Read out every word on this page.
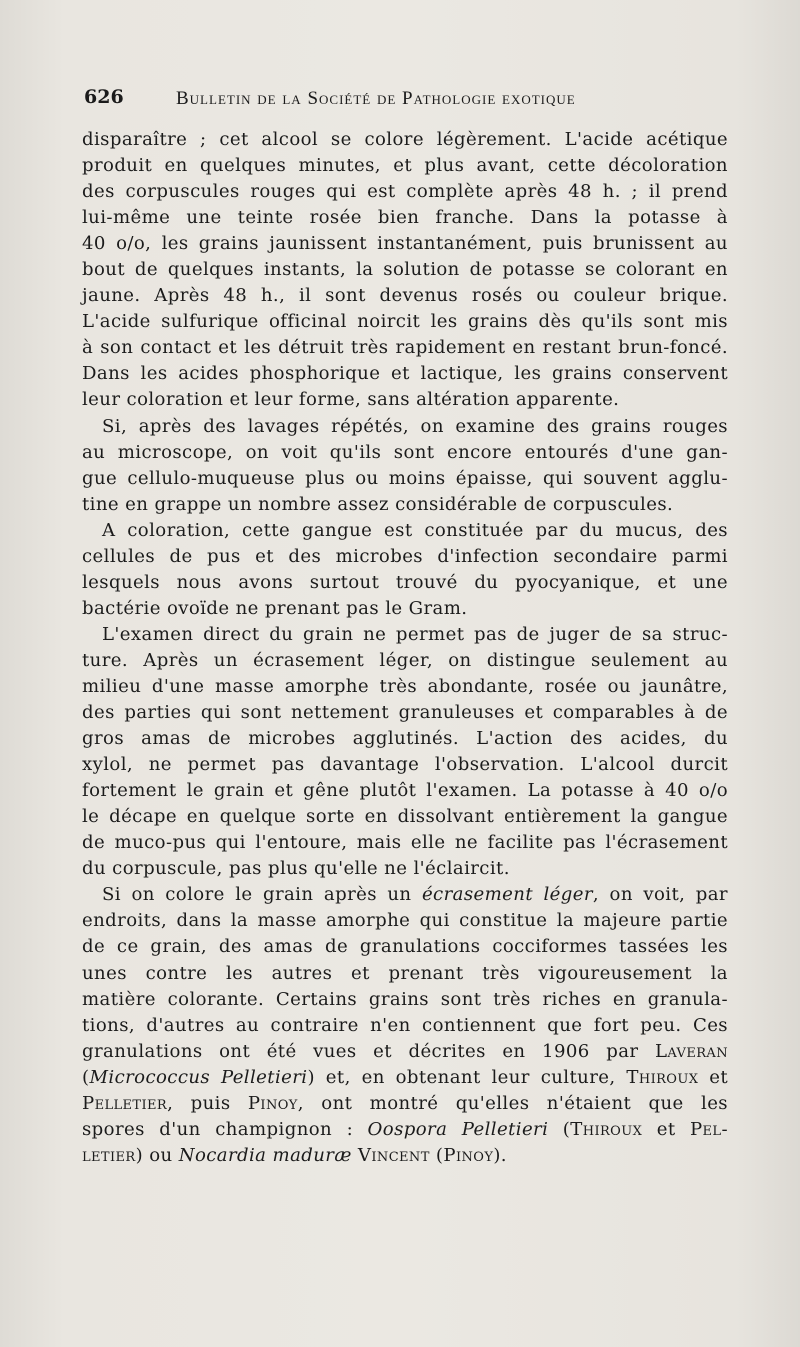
626	Bulletin de la Société de Pathologie exotique
disparaître ; cet alcool se colore légèrement. L'acide acétique
produit en quelques minutes, et plus avant, cette décoloration
des corpuscules rouges qui est complète après 48 h. ; il prend
lui-même une teinte rosée bien franche. Dans la potasse à
40 o/o, les grains jaunissent instantanément, puis brunissent au
bout de quelques instants, la solution de potasse se colorant en
jaune. Après 48 h., il sont devenus rosés ou couleur brique.
L'acide sulfurique officinal noircit les grains dès qu'ils sont mis
à son contact et les détruit très rapidement en restant brun-foncé.
Dans les acides phosphorique et lactique, les grains conservent
leur coloration et leur forme, sans altération apparente.
Si, après des lavages répétés, on examine des grains rouges
au microscope, on voit qu'ils sont encore entourés d'une gan-
gue cellulo-muqueuse plus ou moins épaisse, qui souvent agglu-
tine en grappe un nombre assez considérable de corpuscules.
A coloration, cette gangue est constituée par du mucus, des
cellules de pus et des microbes d'infection secondaire parmi
lesquels nous avons surtout trouvé du pyocyanique, et une
bactérie ovoïde ne prenant pas le Gram.
L'examen direct du grain ne permet pas de juger de sa struc-
ture. Après un écrasement léger, on distingue seulement au
milieu d'une masse amorphe très abondante, rosée ou jaunâtre,
des parties qui sont nettement granuleuses et comparables à de
gros amas de microbes agglutinés. L'action des acides, du
xylol, ne permet pas davantage l'observation. L'alcool durcit
fortement le grain et gêne plutôt l'examen. La potasse à 40 o/o
le décape en quelque sorte en dissolvant entièrement la gangue
de muco-pus qui l'entoure, mais elle ne facilite pas l'écrasement
du corpuscule, pas plus qu'elle ne l'éclaircit.
Si on colore le grain après un écrasement léger, on voit, par
endroits, dans la masse amorphe qui constitue la majeure partie
de ce grain, des amas de granulations cocciformes tassées les
unes contre les autres et prenant très vigoureusement la
matière colorante. Certains grains sont très riches en granula-
tions, d'autres au contraire n'en contiennent que fort peu. Ces
granulations ont été vues et décrites en 1906 par Laveran
(Micrococcus Pelletieri) et, en obtenant leur culture, Thiroux et
Pelletier, puis Pinoy, ont montré qu'elles n'étaient que les
spores d'un champignon : Oospora Pelletieri (Thiroux et Pel-
letier) ou Nocardia maduræ Vincent (Pinoy).
